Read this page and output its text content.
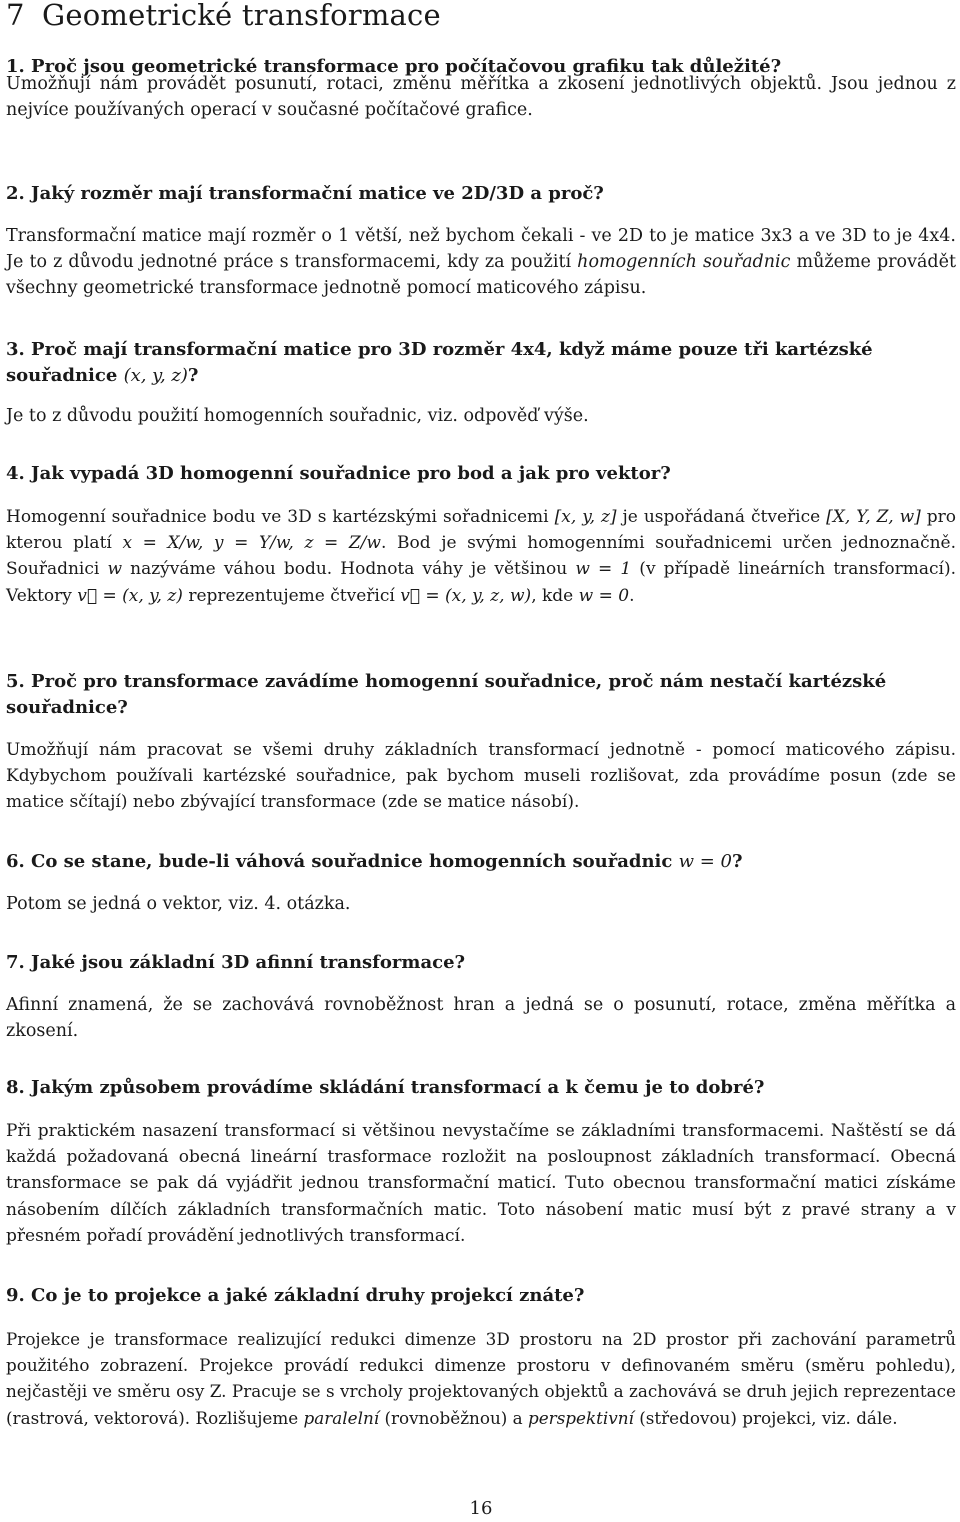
7 Geometrické transformace

1. Proč jsou geometrické transformace pro počítačovou grafiku tak důležité?

Umožňují nám provádět posunutí, rotaci, změnu měřítka a zkosení jednotlivých objektů. Jsou jednou z nejvíce používaných operací v současné počítačové grafice.

2. Jaký rozměr mají transformační matice ve 2D/3D a proč?

Transformační matice mají rozměr o 1 větší, než bychom čekali - ve 2D to je matice 3x3 a ve 3D to je 4x4. Je to z důvodu jednotné práce s transformacemi, kdy za použití homogenních souřadnic můžeme provádět všechny geometrické transformace jednotně pomocí maticového zápisu.

3. Proč mají transformační matice pro 3D rozměr 4x4, když máme pouze tři kartézské souřadnice (x, y, z)?

Je to z důvodu použití homogenních souřadnic, viz. odpověď výše.

4. Jak vypadá 3D homogenní souřadnice pro bod a jak pro vektor?

Homogenní souřadnice bodu ve 3D s kartézskými sořadnicemi [x, y, z] je uspořádaná čtveřice [X, Y, Z, w] pro kterou platí x = X/w, y = Y/w, z = Z/w. Bod je svými homogenními souřadnicemi určen jednoznačně. Souřadnici w nazýváme váhou bodu. Hodnota váhy je většinou w = 1 (v případě lineárních transformací). Vektory v⃗ = (x, y, z) reprezentujeme čtveřicí v⃗ = (x, y, z, w), kde w = 0.

5. Proč pro transformace zavádíme homogenní souřadnice, proč nám nestačí kartézské souřadnice?

Umožňují nám pracovat se všemi druhy základních transformací jednotně - pomocí maticového zápisu. Kdybychom používali kartézské souřadnice, pak bychom museli rozlišovat, zda provádíme posun (zde se matice sčítají) nebo zbývající transformace (zde se matice násobí).

6. Co se stane, bude-li váhová souřadnice homogenních souřadnic w = 0?

Potom se jedná o vektor, viz. 4. otázka.

7. Jaké jsou základní 3D afinní transformace?

Afinní znamená, že se zachovává rovnoběžnost hran a jedná se o posunutí, rotace, změna měřítka a zkosení.

8. Jakým způsobem provádíme skládání transformací a k čemu je to dobré?

Při praktickém nasazení transformací si většinou nevystačíme se základními transformacemi. Naštěstí se dá každá požadovaná obecná lineární trasformace rozložit na posloupnost základních transformací. Obecná transformace se pak dá vyjádřit jednou transformační maticí. Tuto obecnou transformační matici získáme násobením dílčích základních transformačních matic. Toto násobení matic musí být z pravé strany a v přesném pořadí provádění jednotlivých transformací.

9. Co je to projekce a jaké základní druhy projekcí znáte?

Projekce je transformace realizující redukci dimenze 3D prostoru na 2D prostor při zachování parametrů použitého zobrazení. Projekce provádí redukci dimenze prostoru v definovaném směru (směru pohledu), nejčastěji ve směru osy Z. Pracuje se s vrcholy projektovaných objektů a zachovává se druh jejich reprezentace (rastrová, vektorová). Rozlišujeme paralelní (rovnoběžnou) a perspektivní (středovou) projekci, viz. dále.

16
